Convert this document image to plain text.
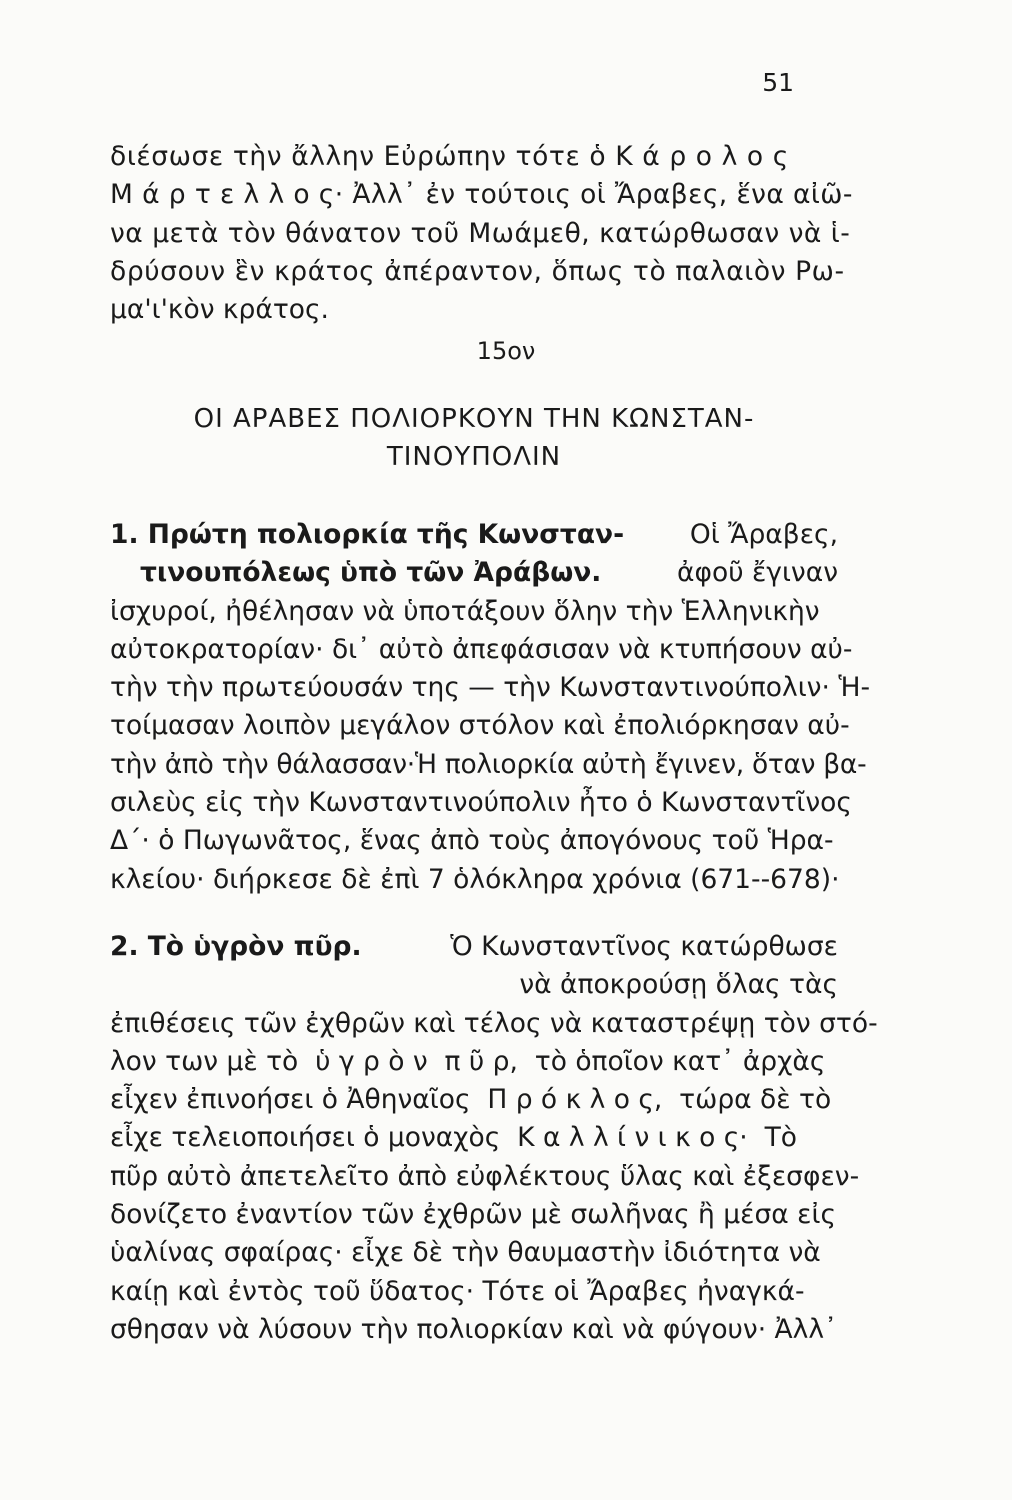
51
διέσωσε τὴν ἄλλην Εὐρώπην τότε ὁ Κ ά ρ ο λ ο ς
Μ ά ρ τ ε λ λ ο ς· Ἀλλ᾽ ἐν τούτοις οἱ Ἄραβες, ἕνα αἰῶ-
να μετὰ τὸν θάνατον τοῦ Μωάμεθ, κατώρθωσαν νὰ ἱ-
δρύσουν ἓν κράτος ἀπέραντον, ὅπως τὸ παλαιὸν Ρω-
μα'ι'κὸν κράτος.
15ον
ΟΙ ΑΡΑΒΕΣ ΠΟΛΙΟΡΚΟΥΝ ΤΗΝ ΚΩΝΣΤΑΝ-
ΤΙΝΟΥΠΟΛΙΝ
1. Πρώτη πολιορκία τῆς Κωνσταν- Οἱ Ἄραβες,
τινουπόλεως ὑπὸ τῶν Ἀράβων.	ἀφοῦ ἔγιναν
ἰσχυροί, ἠθέλησαν νὰ ὑποτάξουν ὅλην τὴν Ἑλληνικὴν
αὐτοκρατορίαν· δι᾽ αὐτὸ ἀπεφάσισαν νὰ κτυπήσουν αὐ-
τὴν τὴν πρωτεύουσάν της — τὴν Κωνσταντινούπολιν· Ἡ-
τοίμασαν λοιπὸν μεγάλον στόλον καὶ ἐπολιόρκησαν αὐ-
τὴν ἀπὸ τὴν θάλασσαν·Ἡ πολιορκία αὐτὴ ἔγινεν, ὅταν βα-
σιλεὺς εἰς τὴν Κωνσταντινούπολιν ἦτο ὁ Κωνσταντῖνος
Δ΄· ὁ Πωγωνᾶτος, ἕνας ἀπὸ τοὺς ἀπογόνους τοῦ Ἡρα-
κλείου· διήρκεσε δὲ ἐπὶ 7 ὁλόκληρα χρόνια (671--678)·
2. Τὸ ὑγρὸν πῦρ.	Ὁ Κωνσταντῖνος κατώρθωσε
νὰ ἀποκρούσῃ ὅλας τὰς
ἐπιθέσεις τῶν ἐχθρῶν καὶ τέλος νὰ καταστρέψῃ τὸν στό-
λον των μὲ τὸ  ὑ γ ρ ὸ ν  π ῦ ρ,  τὸ ὁποῖον κατ᾽ ἀρχὰς
εἶχεν ἐπινοήσει ὁ Ἀθηναῖος  Π ρ ό κ λ ο ς,  τώρα δὲ τὸ
εἶχε τελειοποιήσει ὁ μοναχὸς  Κ α λ λ ί ν ι κ ο ς·  Τὸ
πῦρ αὐτὸ ἀπετελεῖτο ἀπὸ εὐφλέκτους ὕλας καὶ ἐξεσφεν-
δονίζετο ἐναντίον τῶν ἐχθρῶν μὲ σωλῆνας ἢ μέσα εἰς
ὑαλίνας σφαίρας· εἶχε δὲ τὴν θαυμαστὴν ἰδιότητα νὰ
καίῃ καὶ ἐντὸς τοῦ ὕδατος· Τότε οἱ Ἄραβες ἠναγκά-
σθησαν νὰ λύσουν τὴν πολιορκίαν καὶ νὰ φύγουν· Ἀλλ᾽
